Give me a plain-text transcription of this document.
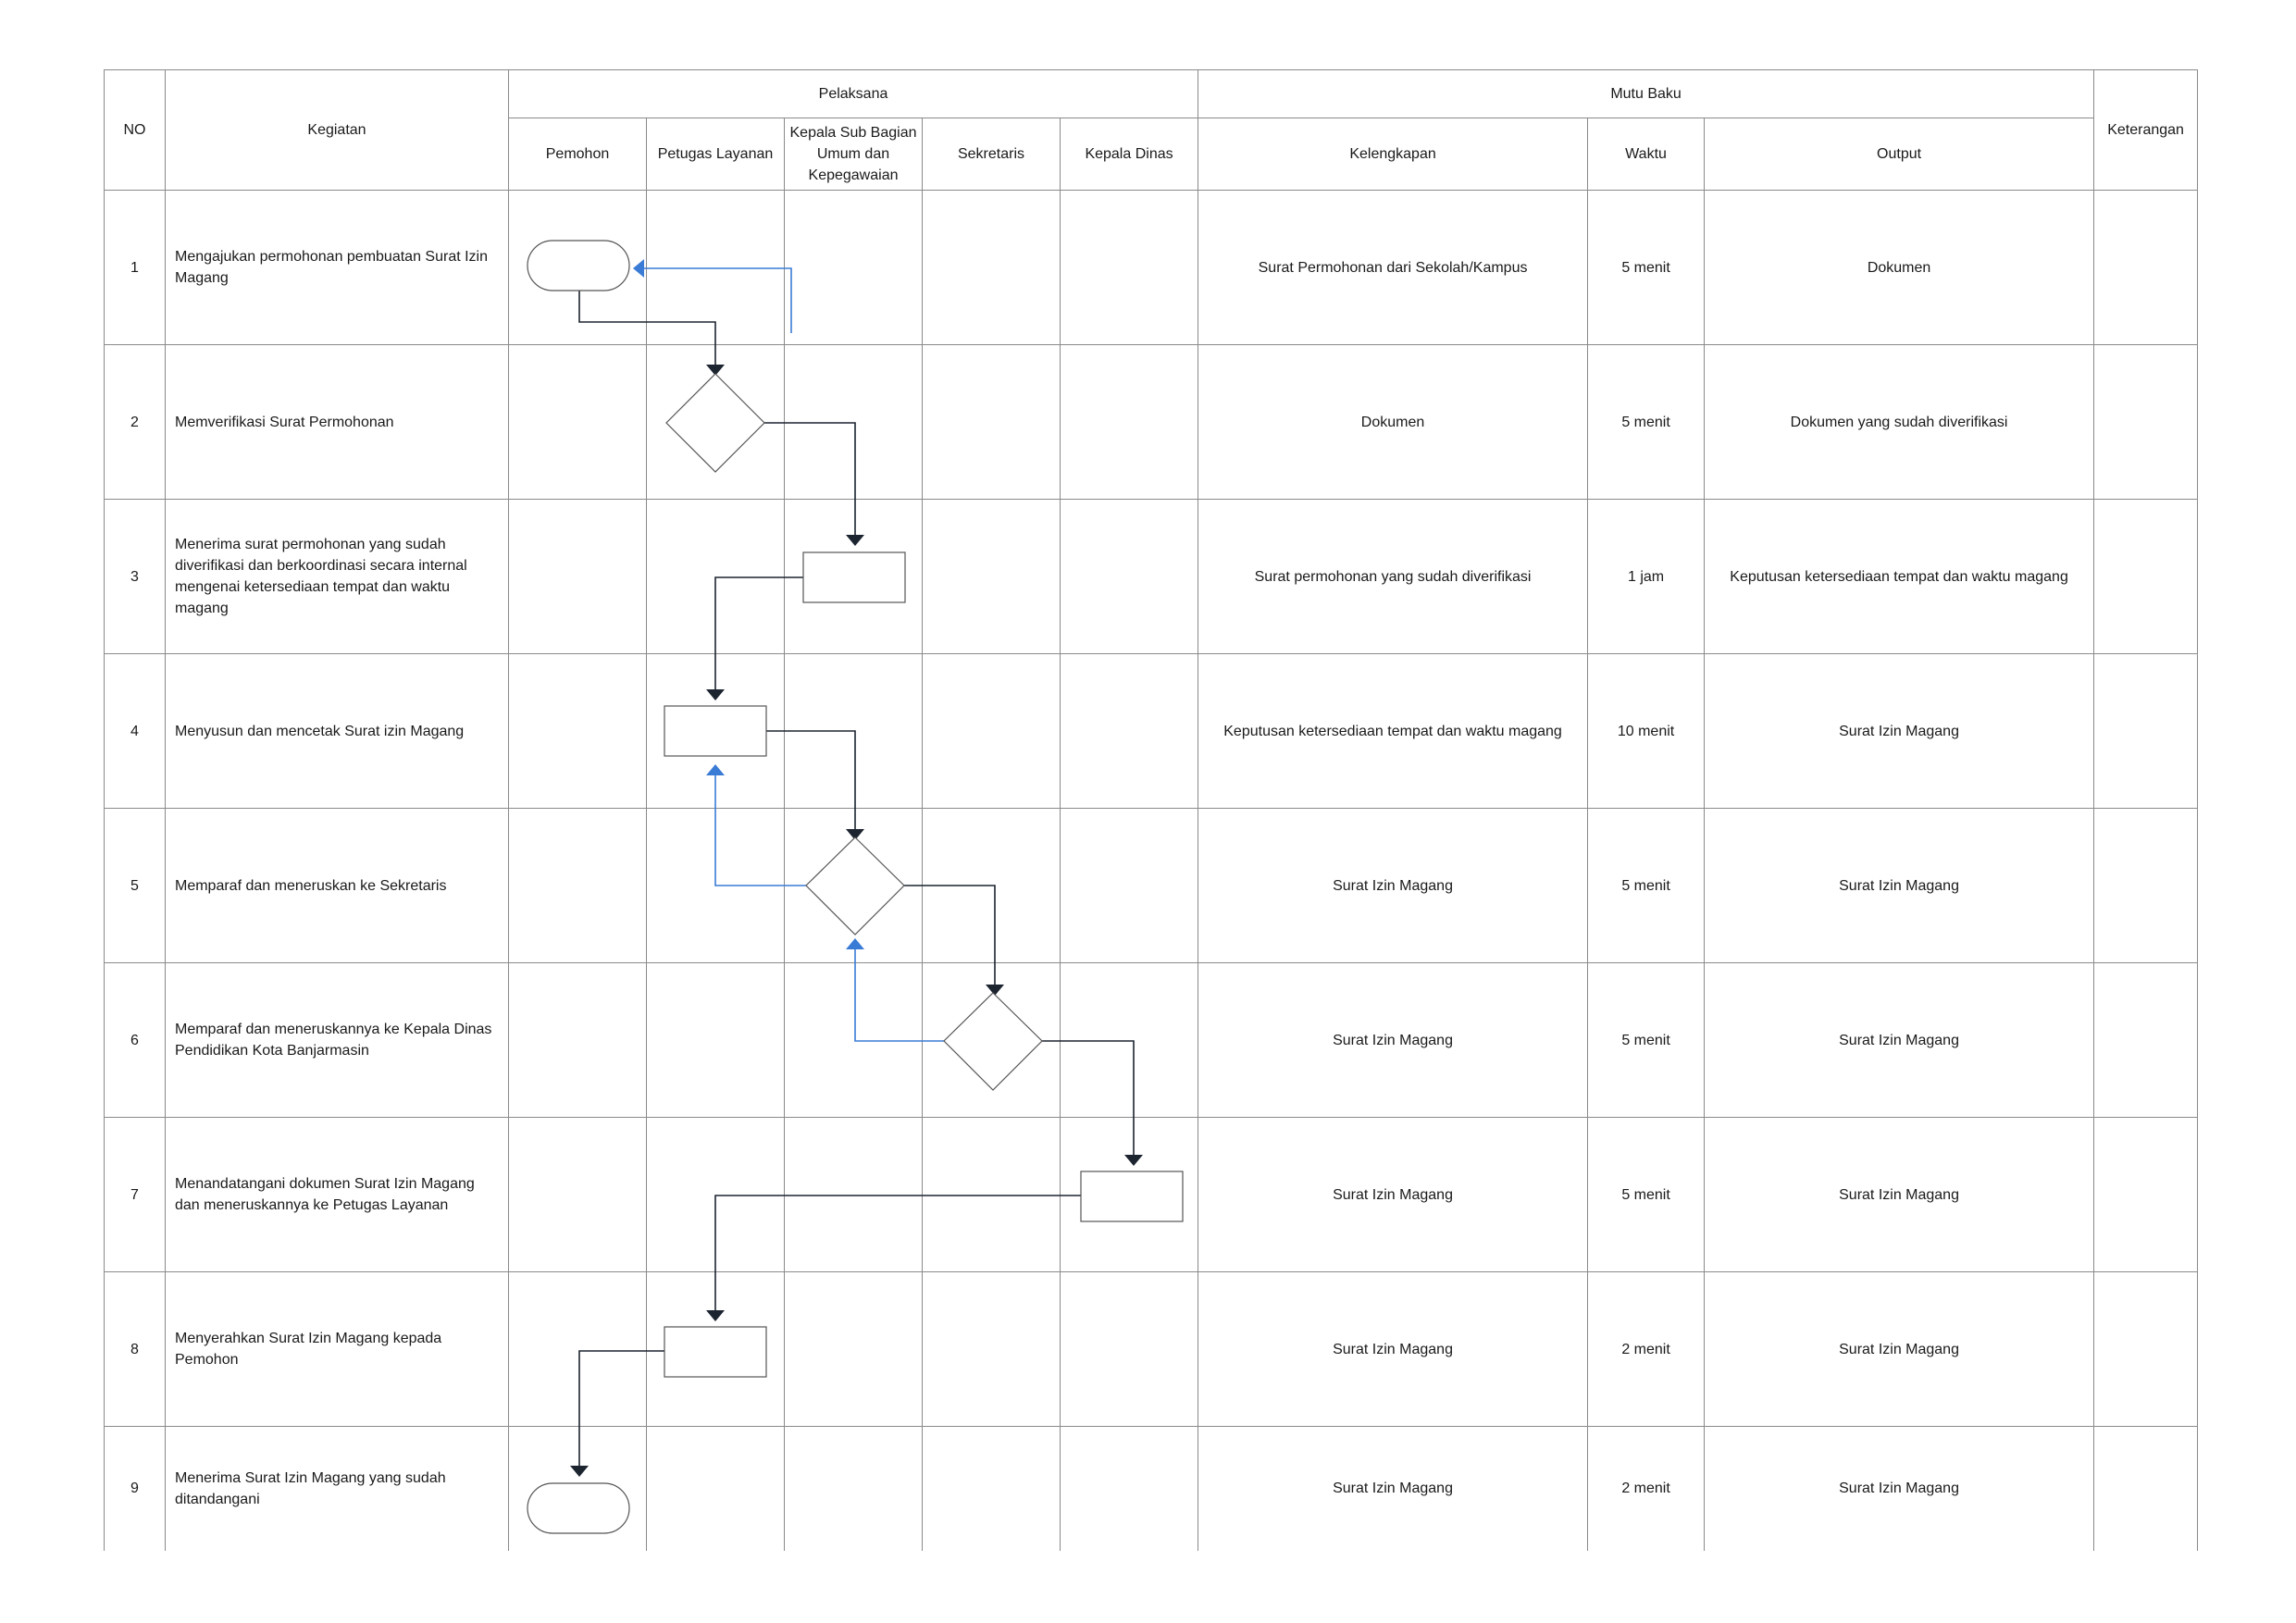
NO	Kegiatan	Pelaksana					Mutu Baku			Keterangan
		Pemohon	Petugas Layanan	Kepala Sub Bagian Umum dan Kepegawaian	Sekretaris	Kepala Dinas	Kelengkapan	Waktu	Output	
1	Mengajukan permohonan pembuatan Surat Izin Magang						Surat Permohonan dari Sekolah/Kampus	5 menit	Dokumen	
2	Memverifikasi Surat Permohonan						Dokumen	5 menit	Dokumen yang sudah diverifikasi	
3	Menerima surat permohonan yang sudah diverifikasi dan berkoordinasi secara internal mengenai ketersediaan tempat dan waktu magang						Surat permohonan yang sudah diverifikasi	1 jam	Keputusan ketersediaan tempat dan waktu magang	
4	Menyusun dan mencetak Surat izin Magang						Keputusan ketersediaan tempat dan waktu magang	10 menit	Surat Izin Magang	
5	Memparaf dan meneruskan ke Sekretaris						Surat Izin Magang	5 menit	Surat Izin Magang	
6	Memparaf dan meneruskannya ke Kepala Dinas Pendidikan Kota Banjarmasin						Surat Izin Magang	5 menit	Surat Izin Magang	
7	Menandatangani dokumen Surat Izin Magang dan meneruskannya ke Petugas Layanan						Surat Izin Magang	5 menit	Surat Izin Magang	
8	Menyerahkan Surat Izin Magang kepada Pemohon						Surat Izin Magang	2 menit	Surat Izin Magang	
9	Menerima Surat Izin Magang yang sudah ditandangani						Surat Izin Magang	2 menit	Surat Izin Magang	
